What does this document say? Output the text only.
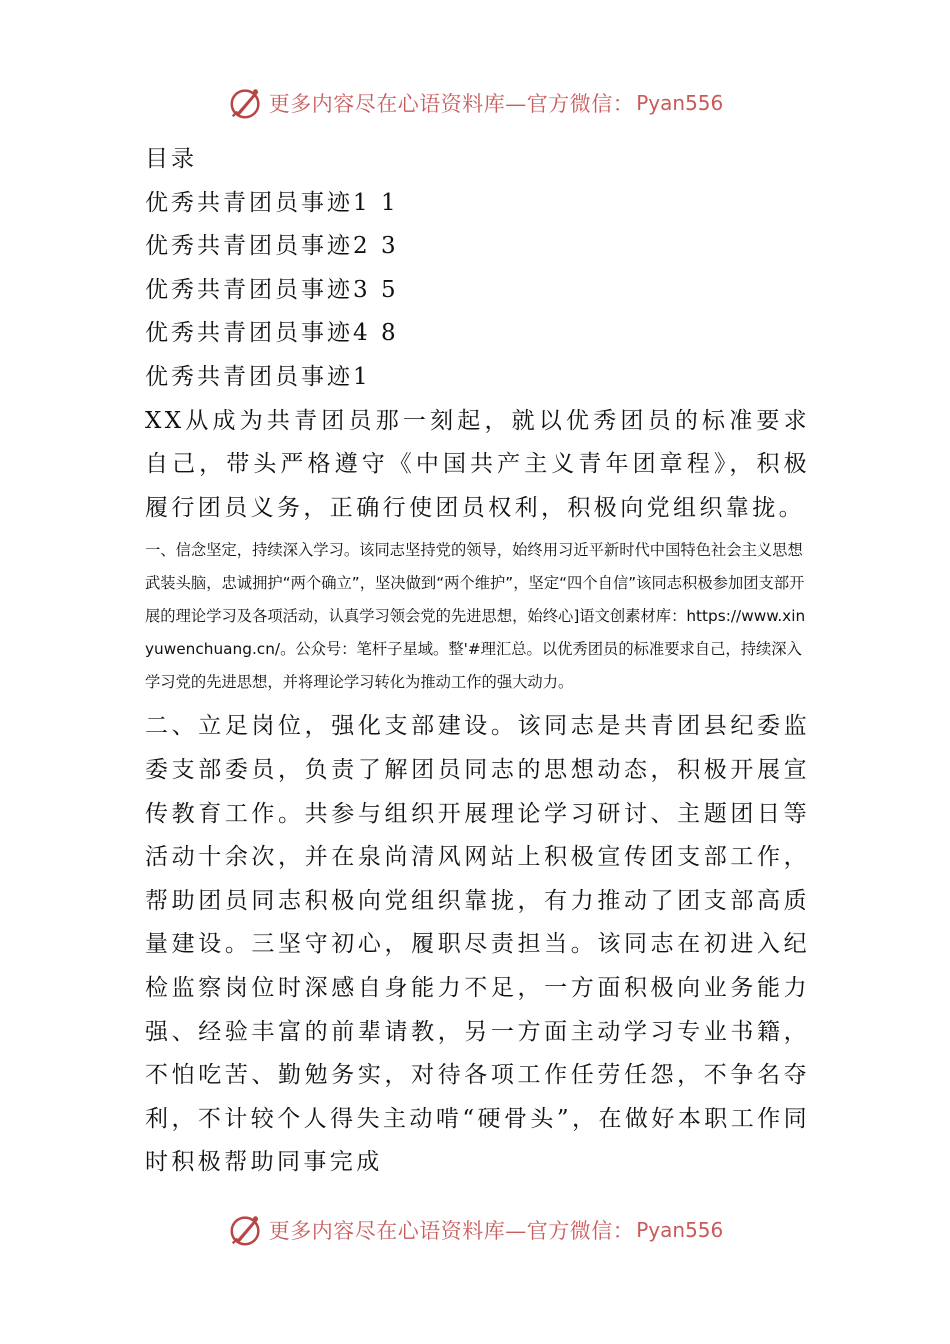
更多内容尽在心语资料库—官方微信： Pyan556
目录
优秀共青团员事迹1 1
优秀共青团员事迹2 3
优秀共青团员事迹3 5
优秀共青团员事迹4 8
优秀共青团员事迹1

XX从成为共青团员那一刻起，就以优秀团员的标准要求自己，带头严格遵守《中国共产主义青年团章程》，积极履行团员义务，正确行使团员权利，积极向党组织靠拢。

一、信念坚定，持续深入学习。该同志坚持党的领导，始终用习近平新时代中国特色社会主义思想武装头脑，忠诚拥护“两个确立”，坚决做到“两个维护”，坚定“四个自信”该同志积极参加团支部开展的理论学习及各项活动，认真学习领会党的先进思想，始终心]语文创素材库：https://www.xinyuwenchuang.cn/。公众号：笔杆子星域。整'#理汇总。以优秀团员的标准要求自己，持续深入学习党的先进思想，并将理论学习转化为推动工作的强大动力。

二、立足岗位，强化支部建设。该同志是共青团县纪委监委支部委员，负责了解团员同志的思想动态，积极开展宣传教育工作。共参与组织开展理论学习研讨、主题团日等活动十余次，并在泉尚清风网站上积极宣传团支部工作，帮助团员同志积极向党组织靠拢，有力推动了团支部高质量建设。三坚守初心，履职尽责担当。该同志在初进入纪检监察岗位时深感自身能力不足，一方面积极向业务能力强、经验丰富的前辈请教，另一方面主动学习专业书籍，不怕吃苦、勤勉务实，对待各项工作任劳任怨，不争名夺利，不计较个人得失主动啃“硬骨头”，在做好本职工作同时积极帮助同事完成

更多内容尽在心语资料库—官方微信： Pyan556
